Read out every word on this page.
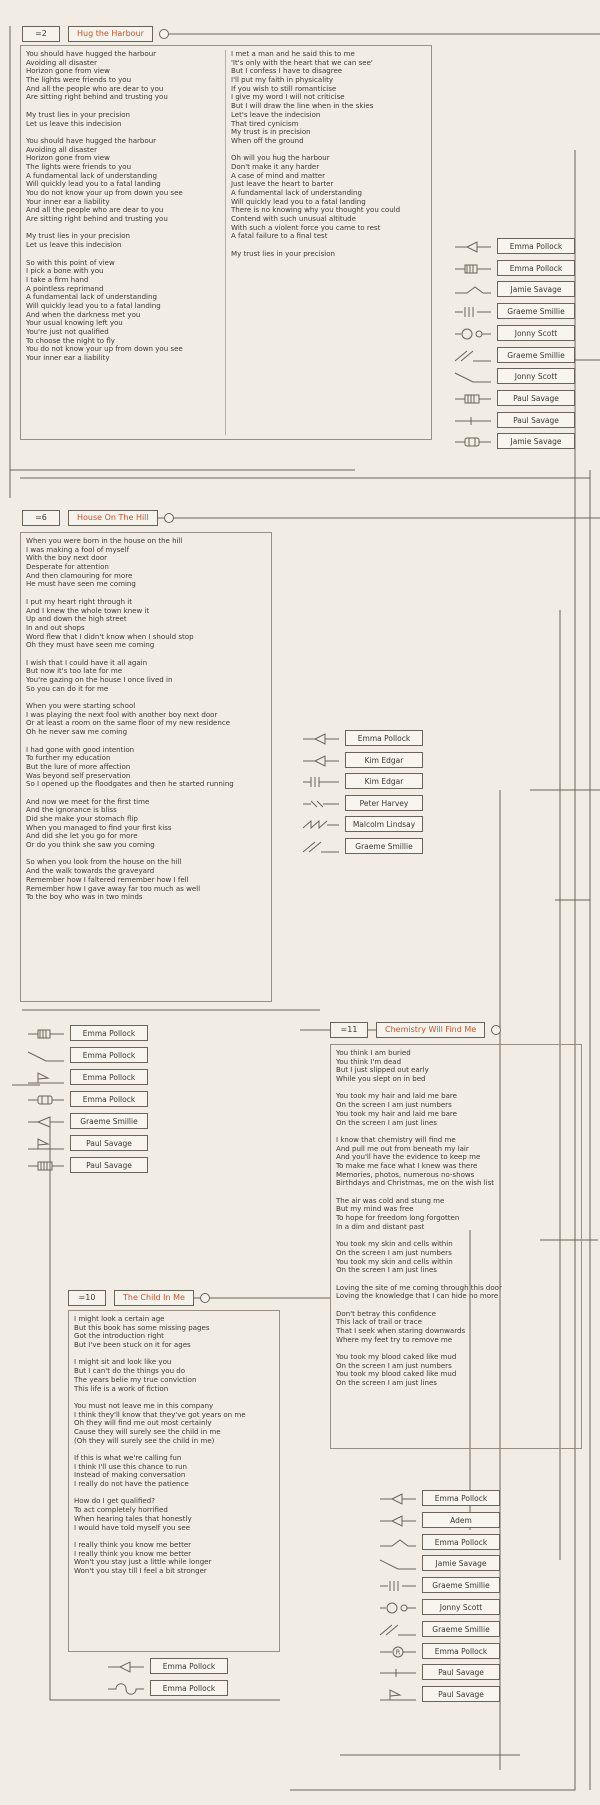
=2	Hug the Harbour
You should have hugged the harbour
Avoiding all disaster
Horizon gone from view
The lights were friends to you
And all the people who are dear to you
Are sitting right behind and trusting you
My trust lies in your precision
Let us leave this indecision
You should have hugged the harbour
Avoiding all disaster
Horizon gone from view
The lights were friends to you
A fundamental lack of understanding
Will quickly lead you to a fatal landing
You do not know your up from down you see
Your inner ear a liability
And all the people who are dear to you
Are sitting right behind and trusting you
My trust lies in your precision
Let us leave this indecision
So with this point of view
I pick a bone with you
I take a firm hand
A pointless reprimand
A fundamental lack of understanding
Will quickly lead you to a fatal landing
And when the darkness met you
Your usual knowing left you
You're just not qualified
To choose the night to fly
You do not know your up from down you see
Your inner ear a liability
I met a man and he said this to me
'It's only with the heart that we can see'
But I confess I have to disagree
I'll put my faith in physicality
If you wish to still romanticise
I give my word I will not criticise
But I will draw the line when in the skies
Let's leave the indecision
That tired cynicism
My trust is in precision
When off the ground
Oh will you hug the harbour
Don't make it any harder
A case of mind and matter
Just leave the heart to barter
A fundamental lack of understanding
Will quickly lead you to a fatal landing
There is no knowing why you thought you could
Contend with such unusual altitude
With such a violent force you came to rest
A fatal failure to a final test
My trust lies in your precision
Emma Pollock
Emma Pollock
Jamie Savage
Graeme Smillie
Jonny Scott
Graeme Smillie
Jonny Scott
Paul Savage
Paul Savage
Jamie Savage
=6	House On The Hill
When you were born in the house on the hill
I was making a fool of myself
With the boy next door
Desperate for attention
And then clamouring for more
He must have seen me coming
I put my heart right through it
And I knew the whole town knew it
Up and down the high street
In and out shops
Word flew that I didn't know when I should stop
Oh they must have seen me coming
I wish that I could have it all again
But now it's too late for me
You're gazing on the house I once lived in
So you can do it for me
When you were starting school
I was playing the next fool with another boy next door
Or at least a room on the same floor of my new residence
Oh he never saw me coming
I had gone with good intention
To further my education
But the lure of more affection
Was beyond self preservation
So I opened up the floodgates and then he started running
And now we meet for the first time
And the ignorance is bliss
Did she make your stomach flip
When you managed to find your first kiss
And did she let you go for more
Or do you think she saw you coming
So when you look from the house on the hill
And the walk towards the graveyard
Remember how I faltered remember how I fell
Remember how I gave away far too much as well
To the boy who was in two minds
Emma Pollock
Kim Edgar
Kim Edgar
Peter Harvey
Malcolm Lindsay
Graeme Smillie
=11	Chemistry Will Find Me
You think I am buried
You think I'm dead
But I just slipped out early
While you slept on in bed
You took my hair and laid me bare
On the screen I am just numbers
You took my hair and laid me bare
On the screen I am just lines
I know that chemistry will find me
And pull me out from beneath my lair
And you'll have the evidence to keep me
To make me face what I knew was there
Memories, photos, numerous no-shows
Birthdays and Christmas, me on the wish list
The air was cold and stung me
But my mind was free
To hope for freedom long forgotten
In a dim and distant past
You took my skin and cells within
On the screen I am just numbers
You took my skin and cells within
On the screen I am just lines
Loving the site of me coming through this door
Loving the knowledge that I can hide no more
Don't betray this confidence
This lack of trail or trace
That I seek when staring downwards
Where my feet try to remove me
You took my blood caked like mud
On the screen I am just numbers
You took my blood caked like mud
On the screen I am just lines
Emma Pollock
Adem
Emma Pollock
Jamie Savage
Graeme Smillie
Jonny Scott
Graeme Smillie
R	Emma Pollock
Paul Savage
Paul Savage
=10	The Child In Me
I might look a certain age
But this book has some missing pages
Got the introduction right
But I've been stuck on it for ages
I might sit and look like you
But I can't do the things you do
The years belie my true conviction
This life is a work of fiction
You must not leave me in this company
I think they'll know that they've got years on me
Oh they will find me out most certainly
Cause they will surely see the child in me
(Oh they will surely see the child in me)
If this is what we're calling fun
I think I'll use this chance to run
Instead of making conversation
I really do not have the patience
How do I get qualified?
To act completely horrified
When hearing tales that honestly
I would have told myself you see
I really think you know me better
I really think you know me better
Won't you stay just a little while longer
Won't you stay till I feel a bit stronger
Emma Pollock
Emma Pollock
Emma Pollock
Emma Pollock
Emma Pollock
Emma Pollock
Graeme Smillie
Paul Savage
Paul Savage
